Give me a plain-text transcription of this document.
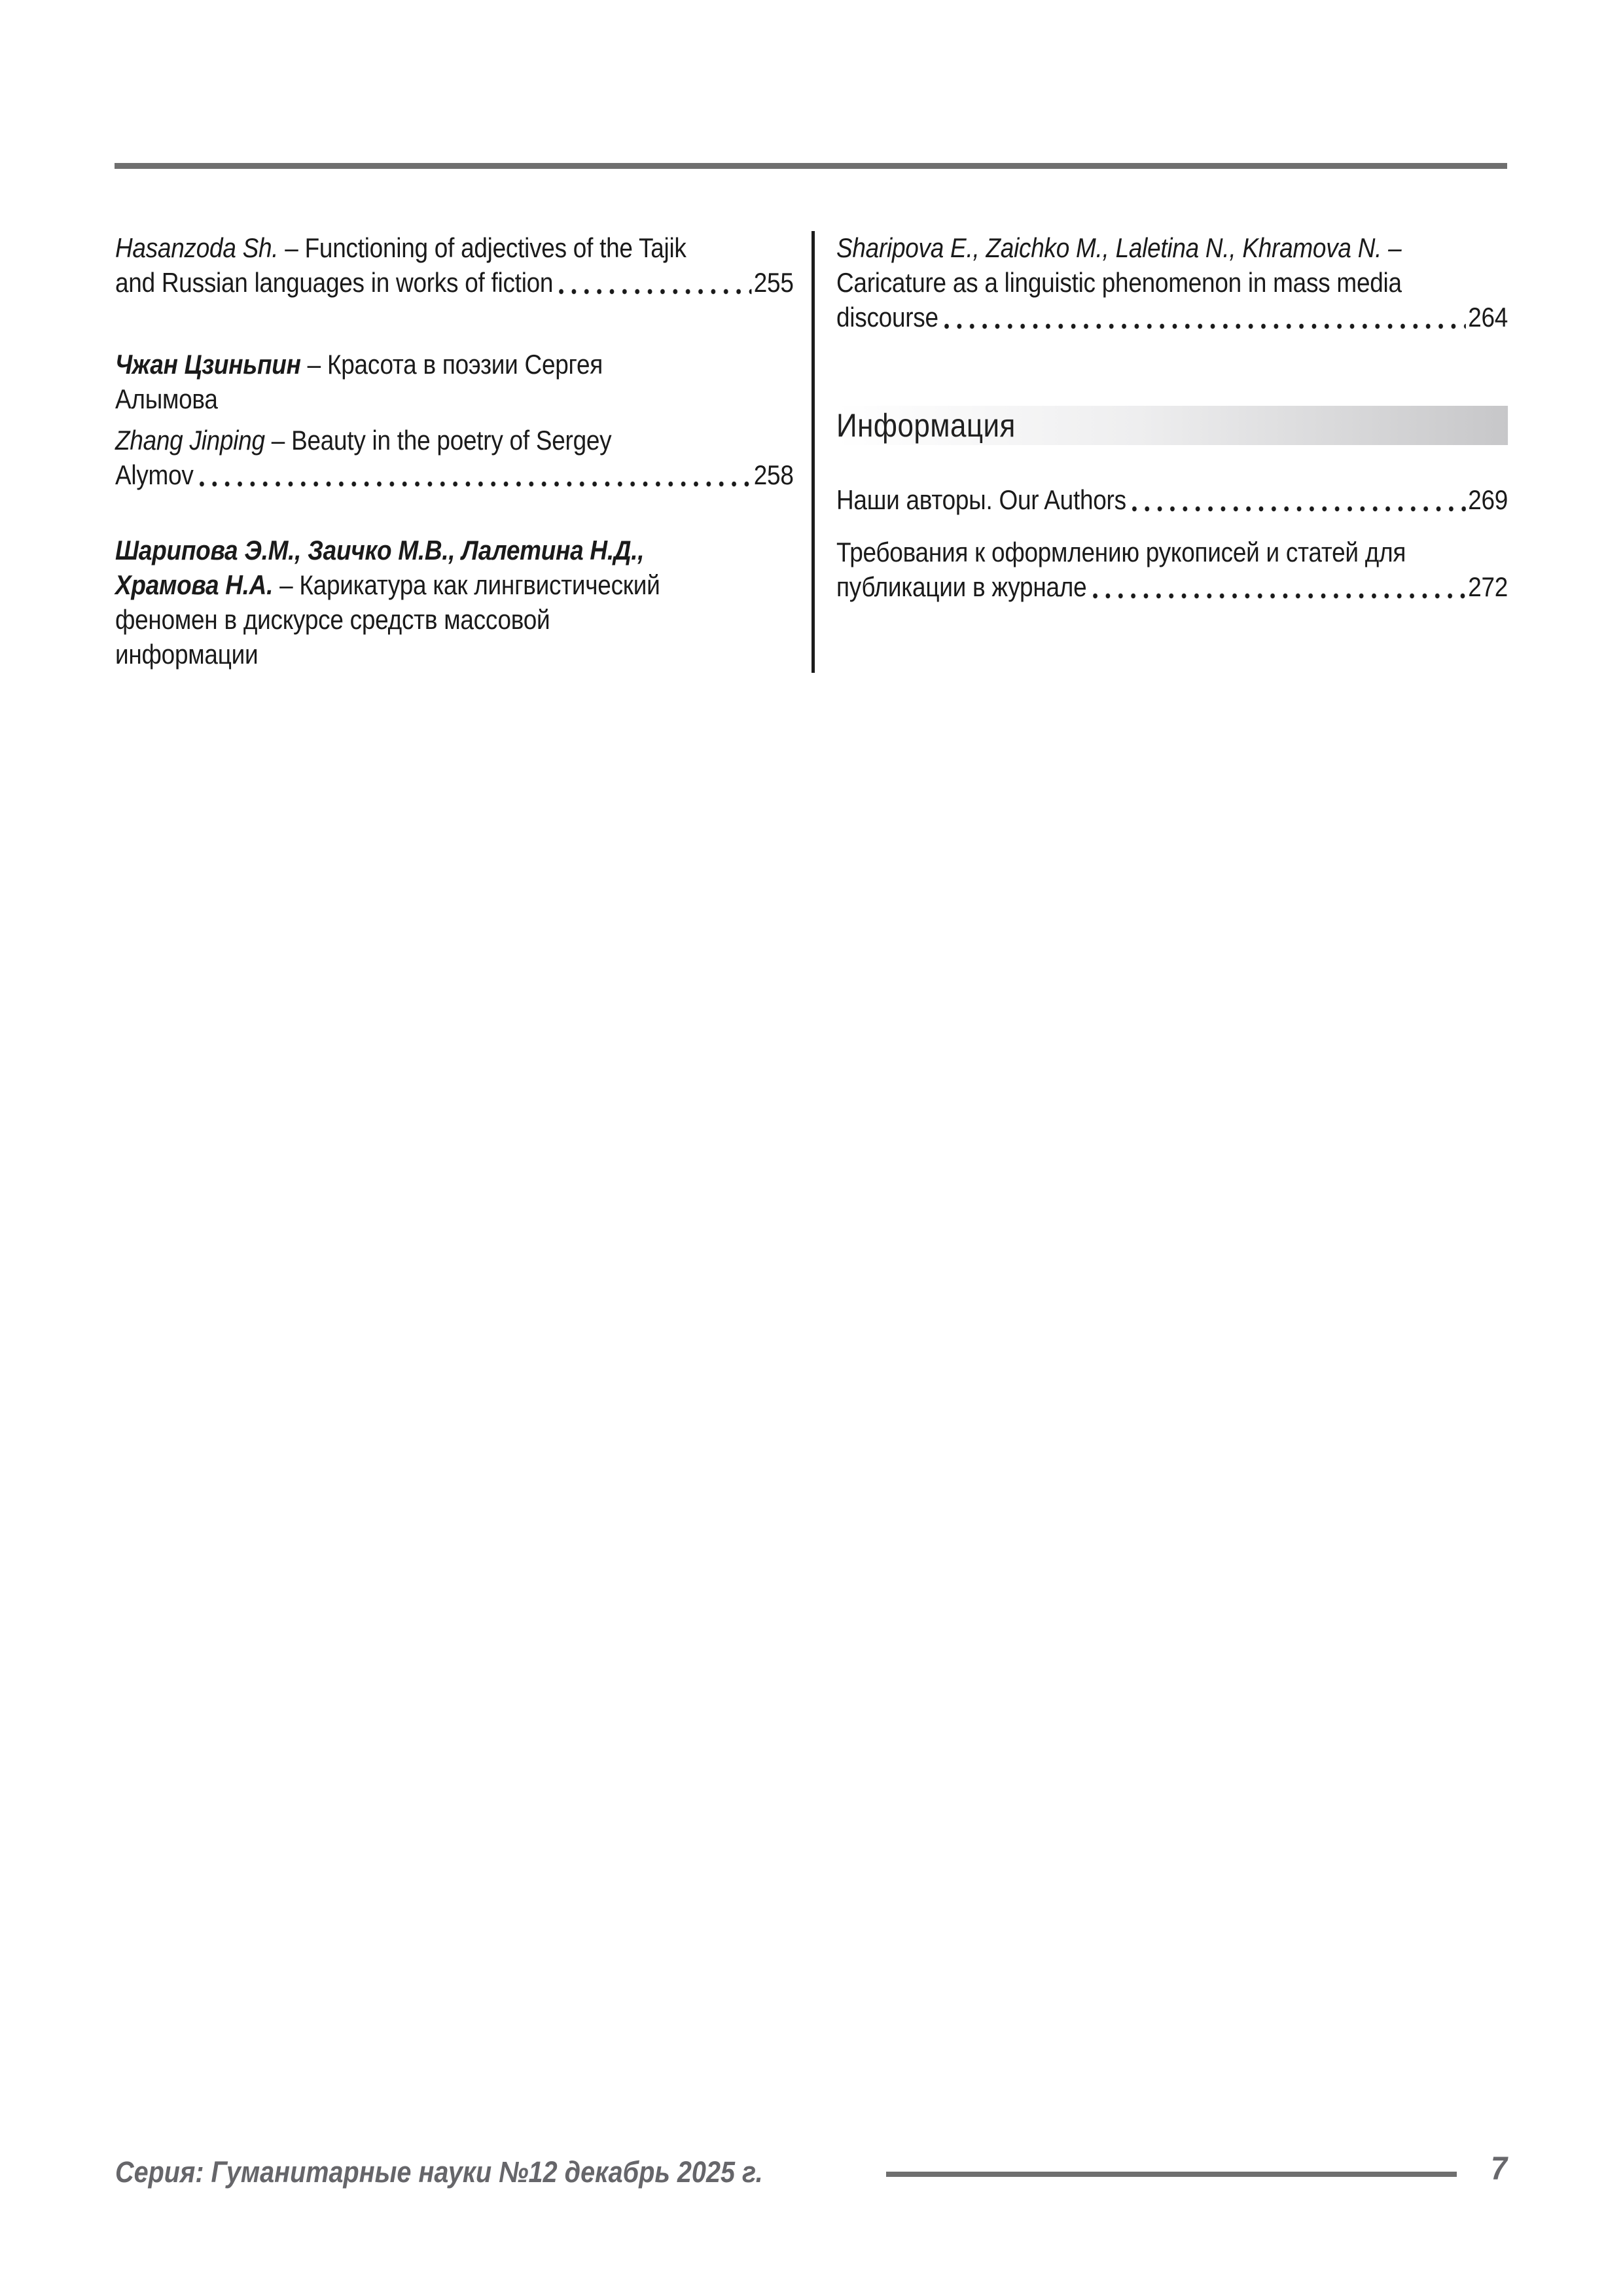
Hasanzoda Sh. – Functioning of adjectives of the Tajik
and Russian languages in works of fiction	255
Чжан Цзиньпин – Красота в поэзии Сергея
Алымова
Zhang Jinping – Beauty in the poetry of Sergey
Alymov	258
Шарипова Э.М., Заичко М.В., Лалетина Н.Д.,
Храмова Н.А. – Карикатура как лингвистический
феномен в дискурсе средств массовой
информации
Sharipova E., Zaichko M., Laletina N., Khramova N. –
Caricature as a linguistic phenomenon in mass media
discourse	264
Информация
Наши авторы. Our Authors	269
Требования к оформлению рукописей и статей для
публикации в журнале	272
Серия: Гуманитарные науки №12 декабрь 2025 г.	7
